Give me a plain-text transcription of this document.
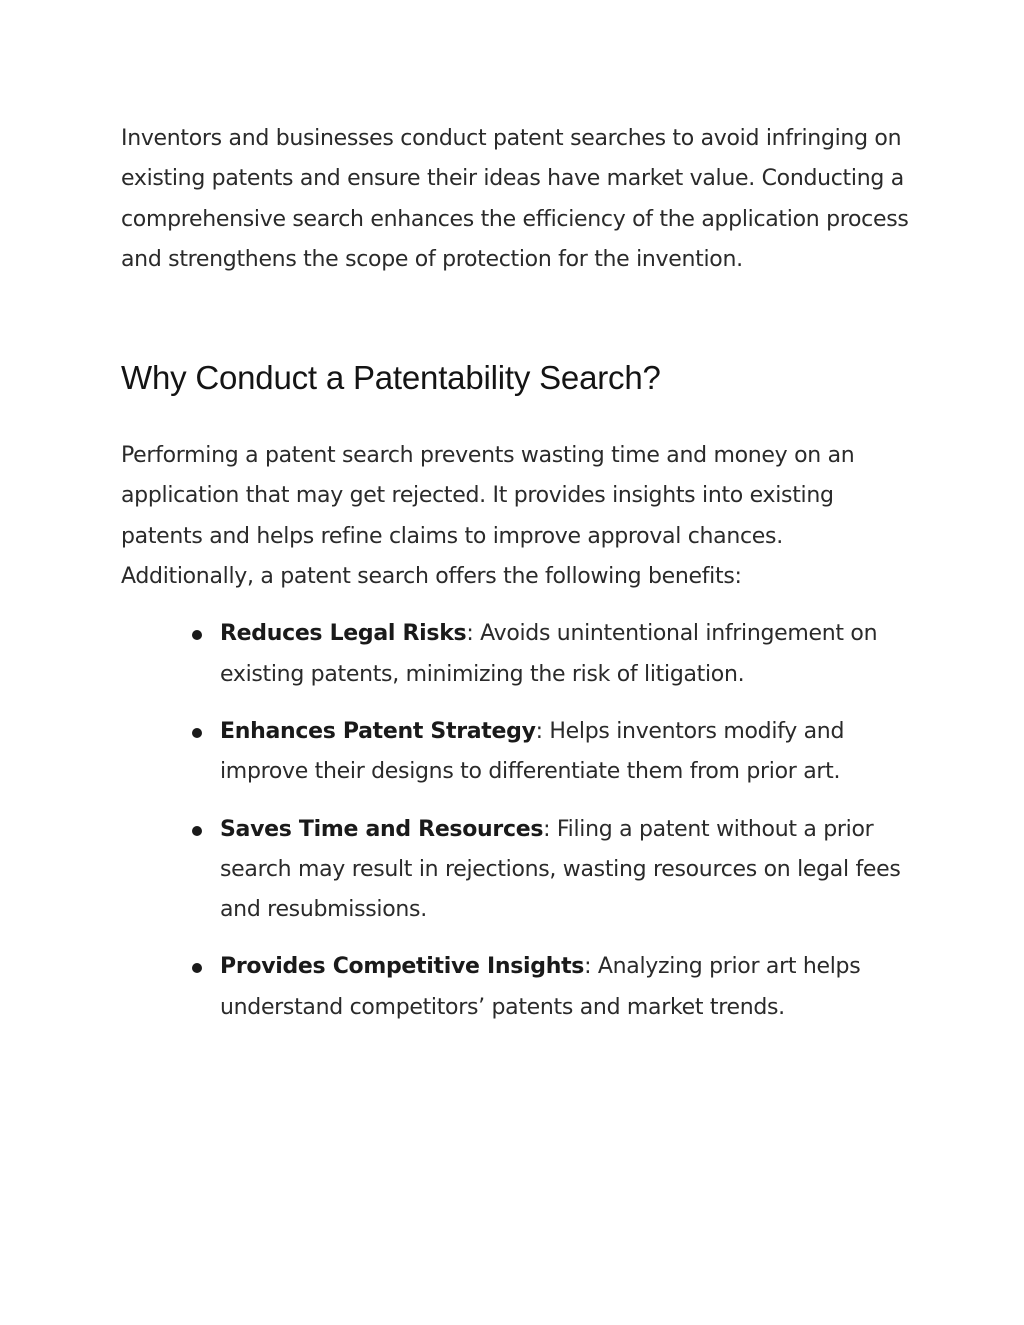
Inventors and businesses conduct patent searches to avoid infringing on existing patents and ensure their ideas have market value. Conducting a comprehensive search enhances the efficiency of the application process and strengthens the scope of protection for the invention.

Why Conduct a Patentability Search?

Performing a patent search prevents wasting time and money on an application that may get rejected. It provides insights into existing patents and helps refine claims to improve approval chances. Additionally, a patent search offers the following benefits:

Reduces Legal Risks: Avoids unintentional infringement on existing patents, minimizing the risk of litigation.
Enhances Patent Strategy: Helps inventors modify and improve their designs to differentiate them from prior art.
Saves Time and Resources: Filing a patent without a prior search may result in rejections, wasting resources on legal fees and resubmissions.
Provides Competitive Insights: Analyzing prior art helps understand competitors’ patents and market trends.
